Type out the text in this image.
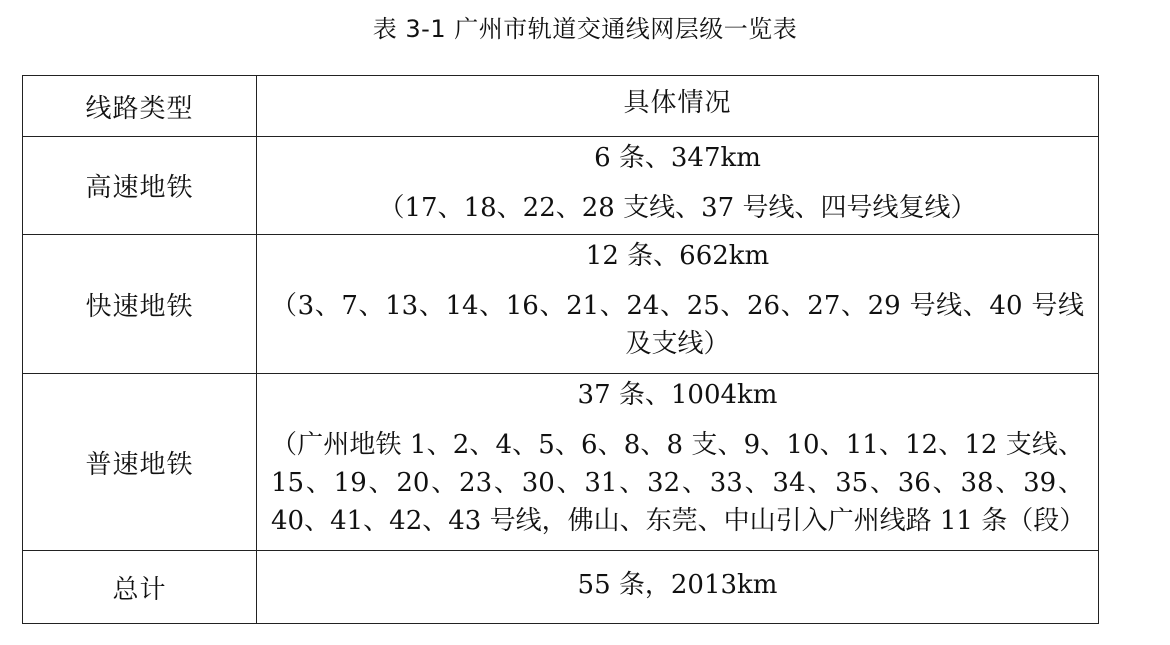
表 3-1 广州市轨道交通线网层级一览表
线路类型	具体情况
高速地铁	6 条、347km
（17、18、22、28 支线、37 号线、四号线复线）

快速地铁	12 条、662km
（3、7、13、14、16、21、24、25、26、27、29 号线、40 号线及支线）

普速地铁	37 条、1004km
（广州地铁 1、2、4、5、6、8、8 支、9、10、11、12、12 支线、15、19、20、23、30、31、32、33、34、35、36、38、39、40、41、42、43 号线，佛山、东莞、中山引入广州线路 11 条（段）

总计	55 条，2013km
